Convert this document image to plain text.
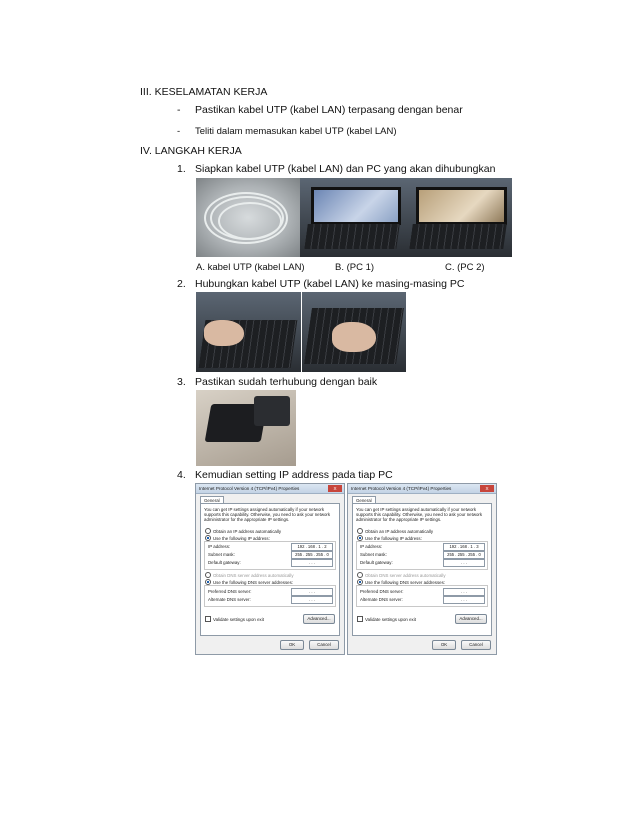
III. KESELAMATAN KERJA
- Pastikan kabel UTP (kabel LAN) terpasang dengan benar
- Teliti dalam memasukan kabel UTP (kabel LAN)
IV. LANGKAH KERJA
1. Siapkan kabel UTP (kabel LAN) dan PC yang akan dihubungkan
A. kabel UTP (kabel LAN)	B. (PC 1)	C. (PC 2)
2. Hubungkan kabel UTP (kabel LAN) ke masing-masing PC
3. Pastikan sudah terhubung dengan baik
4. Kemudian setting IP address pada tiap PC
Internet Protocol Version 4 (TCP/IPv4) Properties	X
General
You can get IP settings assigned automatically if your network supports this capability. Otherwise, you need to ask your network administrator for the appropriate IP settings.
Obtain an IP address automatically
Use the following IP address:
IP address:	192 . 168 . 1 . 2
Subnet mask:	255 . 255 . 255 . 0
Default gateway:	. . .
Obtain DNS server address automatically
Use the following DNS server addresses:
Preferred DNS server:	. . .
Alternate DNS server:	. . .
Validate settings upon exit	Advanced...
OK	Cancel
Internet Protocol Version 4 (TCP/IPv4) Properties	X
General
You can get IP settings assigned automatically if your network supports this capability. Otherwise, you need to ask your network administrator for the appropriate IP settings.
Obtain an IP address automatically
Use the following IP address:
IP address:	192 . 168 . 1 . 3
Subnet mask:	255 . 255 . 255 . 0
Default gateway:	. . .
Obtain DNS server address automatically
Use the following DNS server addresses:
Preferred DNS server:	. . .
Alternate DNS server:	. . .
Validate settings upon exit	Advanced...
OK	Cancel
